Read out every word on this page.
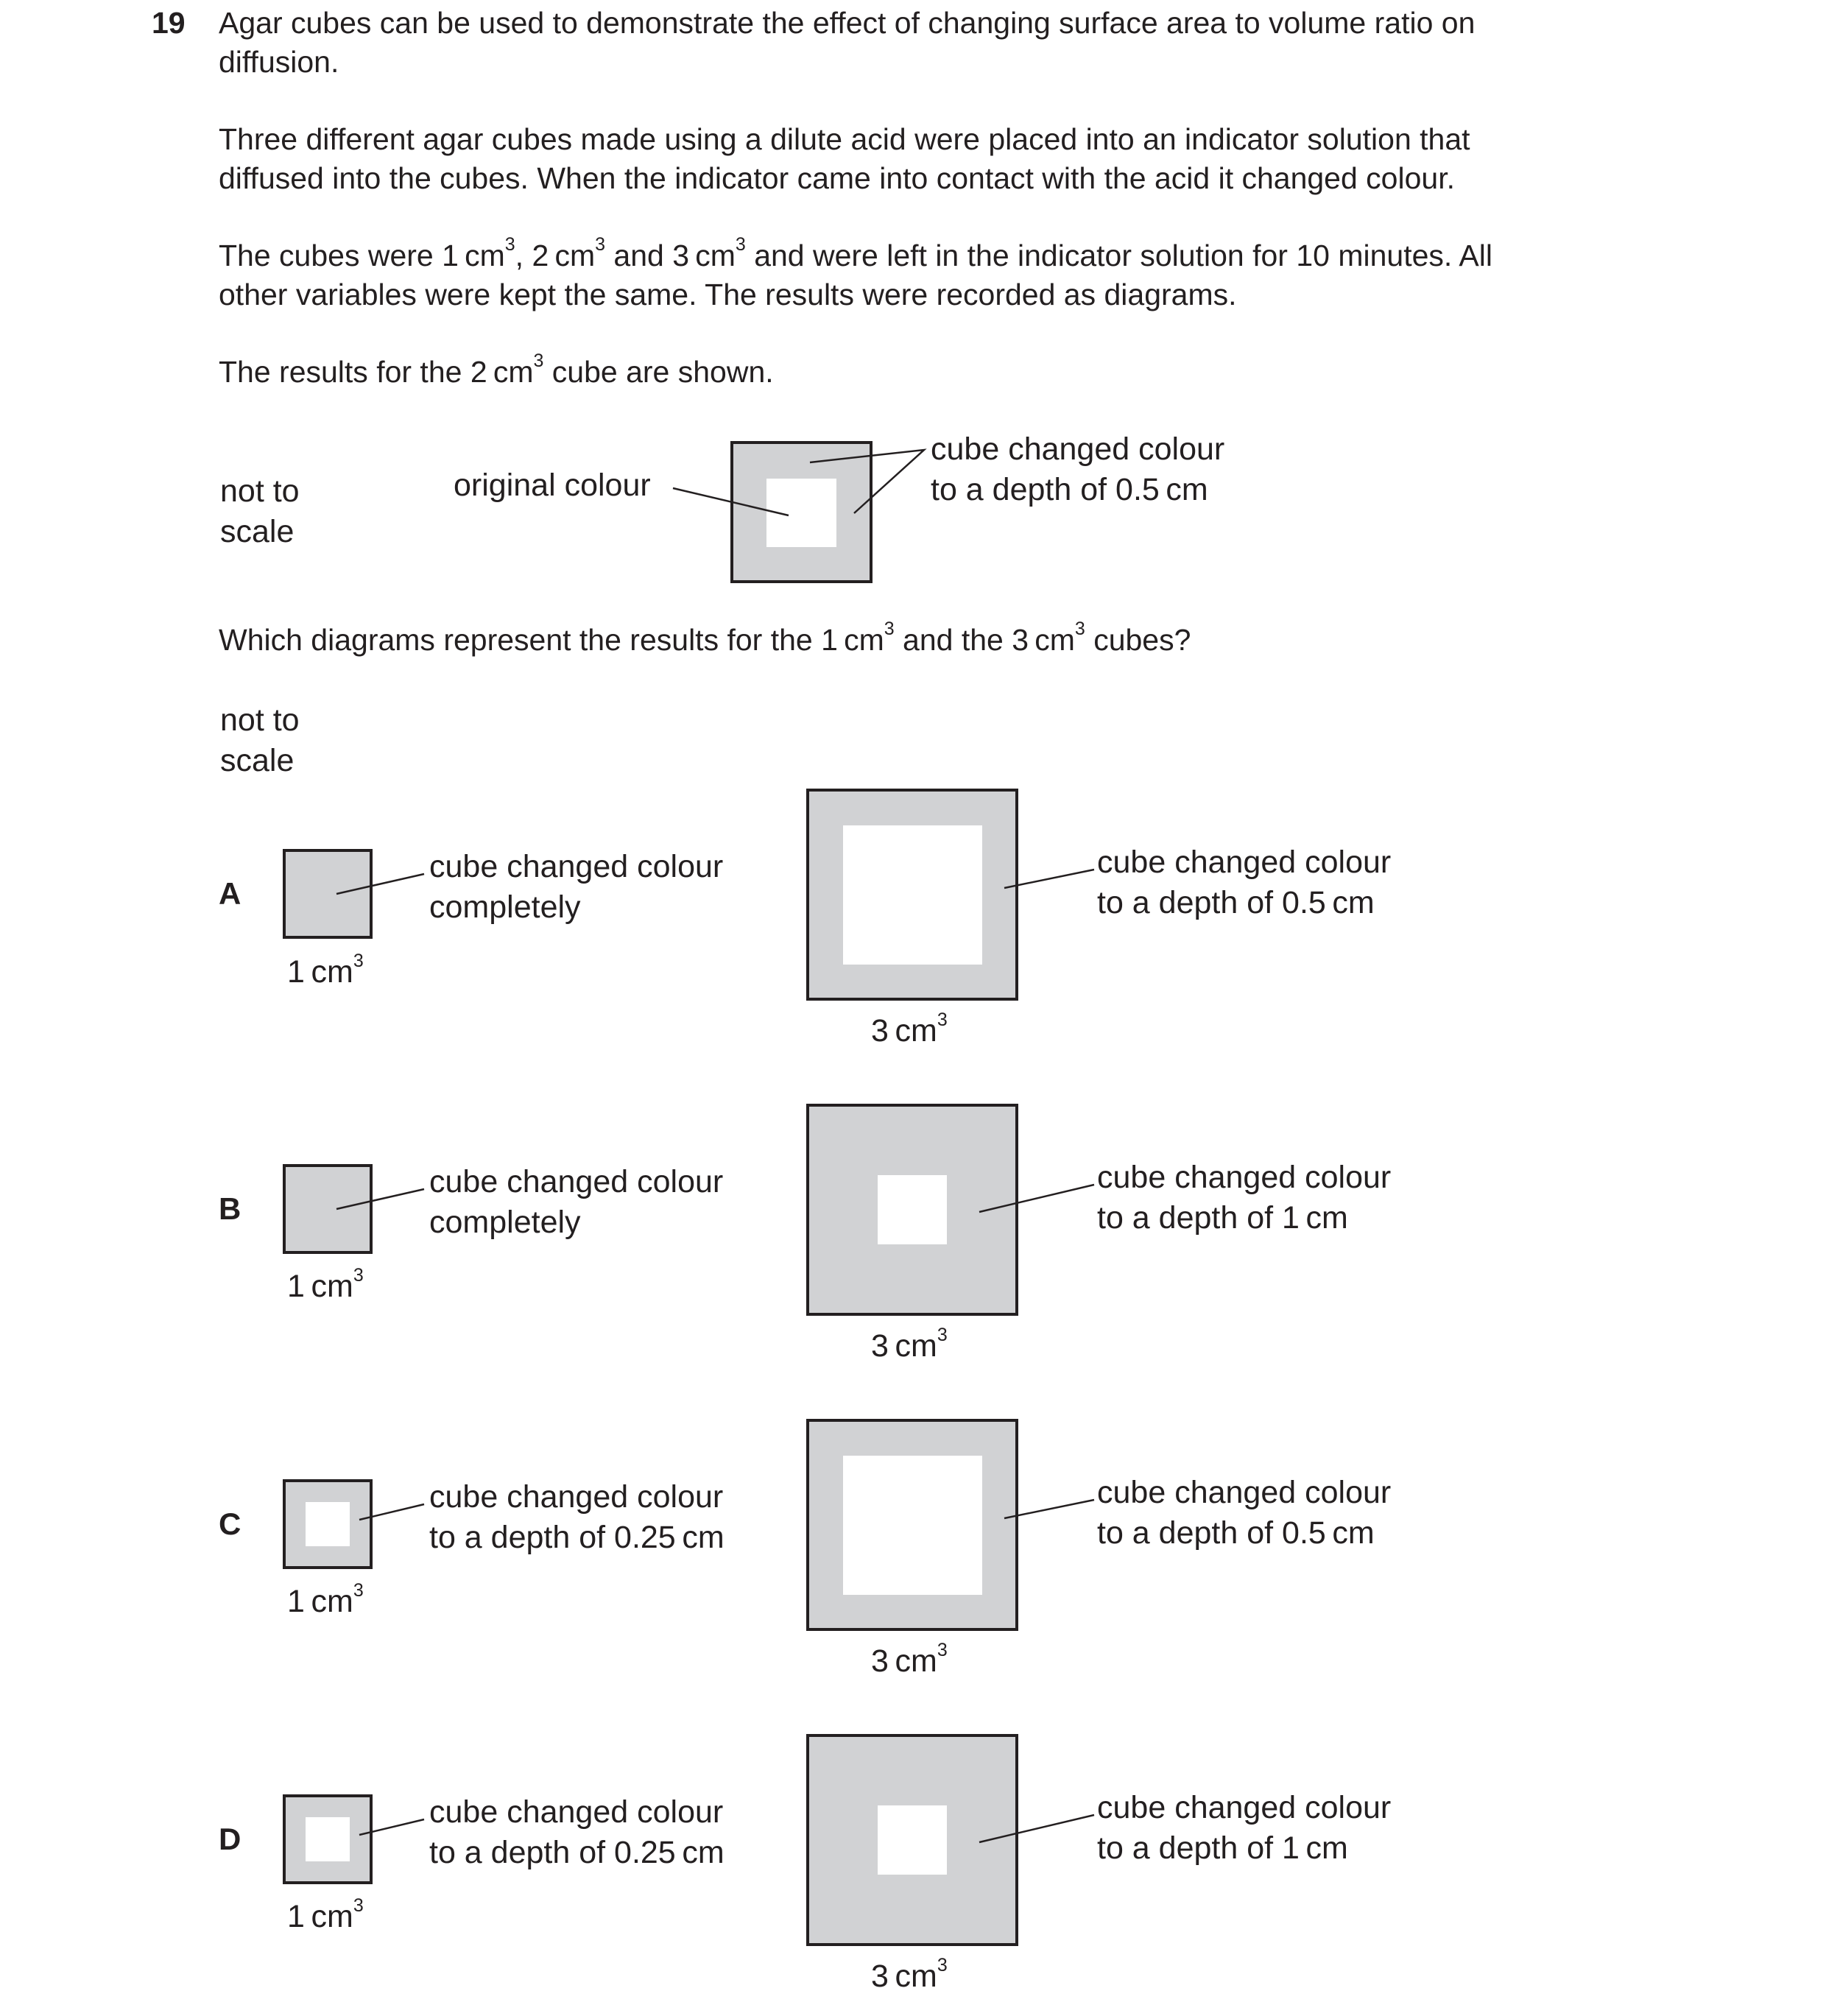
19 Agar cubes can be used to demonstrate the effect of changing surface area to volume ratio on
diffusion.
Three different agar cubes made using a dilute acid were placed into an indicator solution that
diffused into the cubes. When the indicator came into contact with the acid it changed colour.
The cubes were 1 $cm^3$, 2 $cm^3$ and 3 $cm^3$ and were left in the indicator solution for 10 minutes. All
other variables were kept the same. The results were recorded as diagrams.
The results for the 2 $cm^3$ cube are shown.
not to
scale
original colour
cube changed colour
to a depth of 0.5 cm
Which diagrams represent the results for the 1 $cm^3$ and the 3 $cm^3$ cubes?
not to
scale
A
cube changed colour
completely
1 $cm^3$
cube changed colour
to a depth of 0.5 cm
3 $cm^3$
B
cube changed colour
completely
1 $cm^3$
cube changed colour
to a depth of 1 cm
3 $cm^3$
C
cube changed colour
to a depth of 0.25 cm
1 $cm^3$
cube changed colour
to a depth of 0.5 cm
3 $cm^3$
D
cube changed colour
to a depth of 0.25 cm
1 $cm^3$
cube changed colour
to a depth of 1 cm
3 $cm^3$
